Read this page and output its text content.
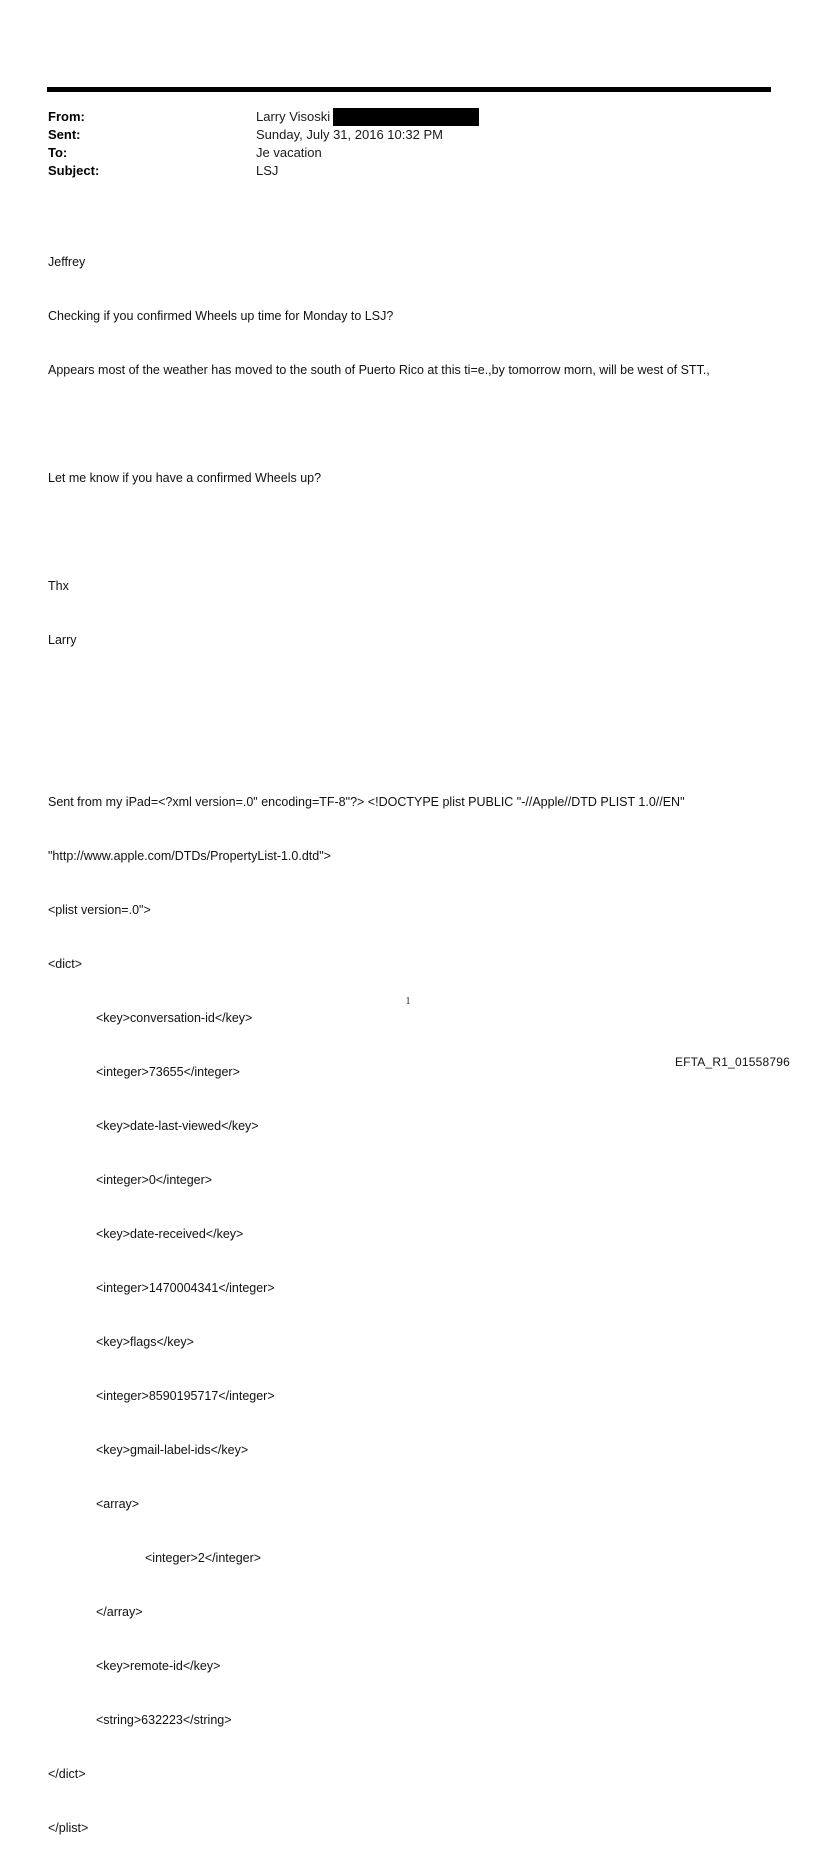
From:	Larry Visoski
Sent:	Sunday, July 31, 2016 10:32 PM
To:	Je vacation
Subject:	LSJ

Jeffrey

Checking if you confirmed Wheels up time for Monday to LSJ?

Appears most of the weather has moved to the south of Puerto Rico at this ti=e.,by tomorrow morn, will be west of STT.,

Let me know if you have a confirmed Wheels up?

Thx

Larry

Sent from my iPad=<?xml version=.0" encoding=TF-8"?> <!DOCTYPE plist PUBLIC "-//Apple//DTD PLIST 1.0//EN"

"http://www.apple.com/DTDs/PropertyList-1.0.dtd">

<plist version=.0">

<dict>

<key>conversation-id</key>

<integer>73655</integer>

<key>date-last-viewed</key>

<integer>0</integer>

<key>date-received</key>

<integer>1470004341</integer>

<key>flags</key>

<integer>8590195717</integer>

<key>gmail-label-ids</key>

<array>

<integer>2</integer>

</array>

<key>remote-id</key>

<string>632223</string>

</dict>

</plist>

1
EFTA_R1_01558796
